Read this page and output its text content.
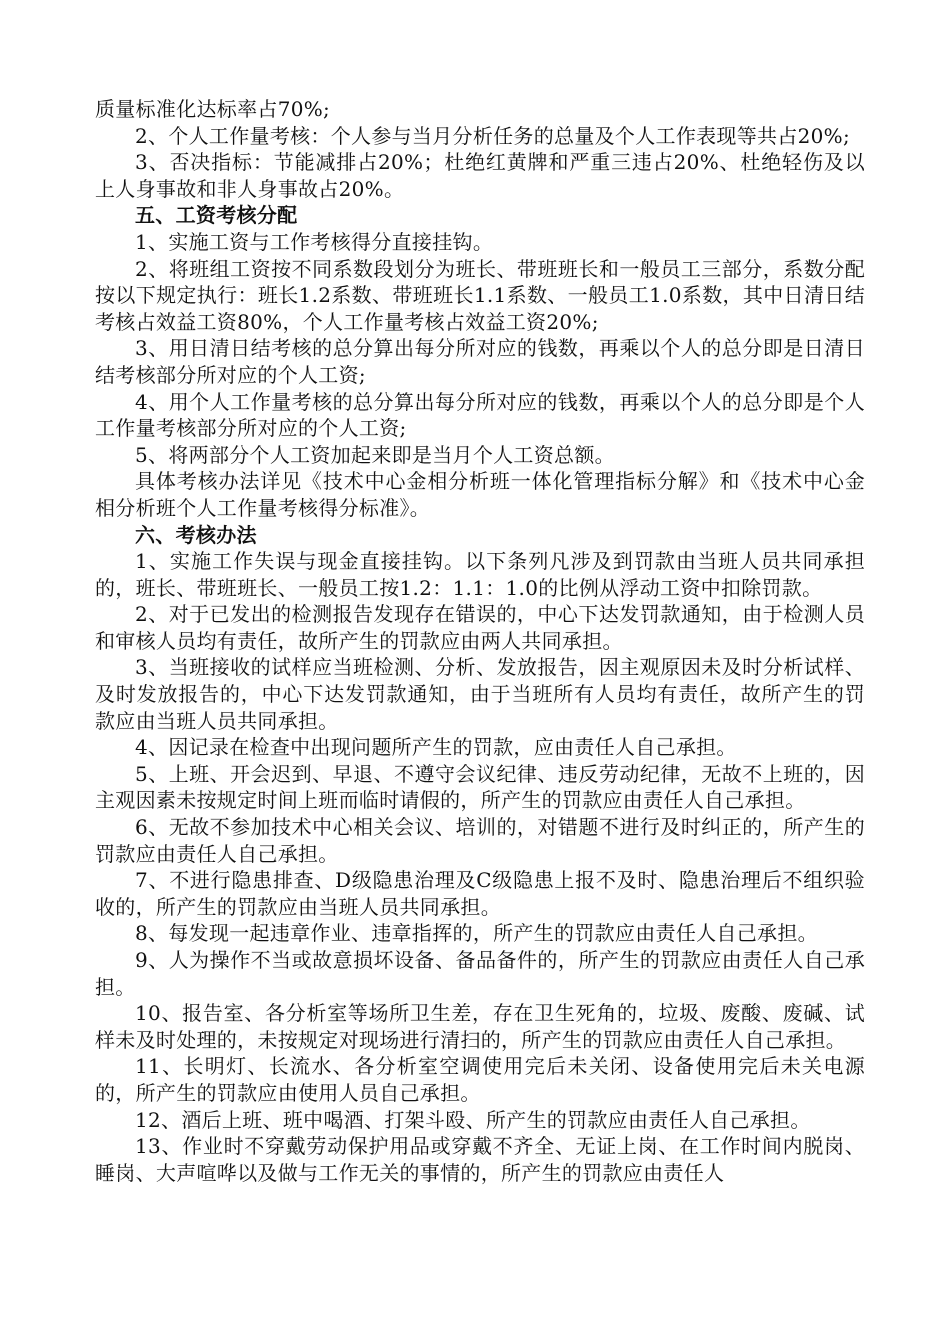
质量标准化达标率占70%;

2、个人工作量考核：个人参与当月分析任务的总量及个人工作表现等共占20%;

3、否决指标：节能减排占20%；杜绝红黄牌和严重三违占20%、杜绝轻伤及以上人身事故和非人身事故占20%。

五、工资考核分配

1、实施工资与工作考核得分直接挂钩。

2、将班组工资按不同系数段划分为班长、带班班长和一般员工三部分，系数分配按以下规定执行：班长1.2系数、带班班长1.1系数、一般员工1.0系数，其中日清日结考核占效益工资80%，个人工作量考核占效益工资20%;

3、用日清日结考核的总分算出每分所对应的钱数，再乘以个人的总分即是日清日结考核部分所对应的个人工资;

4、用个人工作量考核的总分算出每分所对应的钱数，再乘以个人的总分即是个人工作量考核部分所对应的个人工资;

5、将两部分个人工资加起来即是当月个人工资总额。

具体考核办法详见《技术中心金相分析班一体化管理指标分解》和《技术中心金相分析班个人工作量考核得分标准》。

六、考核办法

1、实施工作失误与现金直接挂钩。以下条列凡涉及到罚款由当班人员共同承担的，班长、带班班长、一般员工按1.2：1.1：1.0的比例从浮动工资中扣除罚款。

2、对于已发出的检测报告发现存在错误的，中心下达发罚款通知，由于检测人员和审核人员均有责任，故所产生的罚款应由两人共同承担。

3、当班接收的试样应当班检测、分析、发放报告，因主观原因未及时分析试样、及时发放报告的，中心下达发罚款通知，由于当班所有人员均有责任，故所产生的罚款应由当班人员共同承担。

4、因记录在检查中出现问题所产生的罚款，应由责任人自己承担。

5、上班、开会迟到、早退、不遵守会议纪律、违反劳动纪律，无故不上班的，因主观因素未按规定时间上班而临时请假的，所产生的罚款应由责任人自己承担。

6、无故不参加技术中心相关会议、培训的，对错题不进行及时纠正的，所产生的罚款应由责任人自己承担。

7、不进行隐患排查、D级隐患治理及C级隐患上报不及时、隐患治理后不组织验收的，所产生的罚款应由当班人员共同承担。

8、每发现一起违章作业、违章指挥的，所产生的罚款应由责任人自己承担。

9、人为操作不当或故意损坏设备、备品备件的，所产生的罚款应由责任人自己承担。

10、报告室、各分析室等场所卫生差，存在卫生死角的，垃圾、废酸、废碱、试样未及时处理的，未按规定对现场进行清扫的，所产生的罚款应由责任人自己承担。

11、长明灯、长流水、各分析室空调使用完后未关闭、设备使用完后未关电源的，所产生的罚款应由使用人员自己承担。

12、酒后上班、班中喝酒、打架斗殴、所产生的罚款应由责任人自己承担。

13、作业时不穿戴劳动保护用品或穿戴不齐全、无证上岗、在工作时间内脱岗、睡岗、大声喧哗以及做与工作无关的事情的，所产生的罚款应由责任人
